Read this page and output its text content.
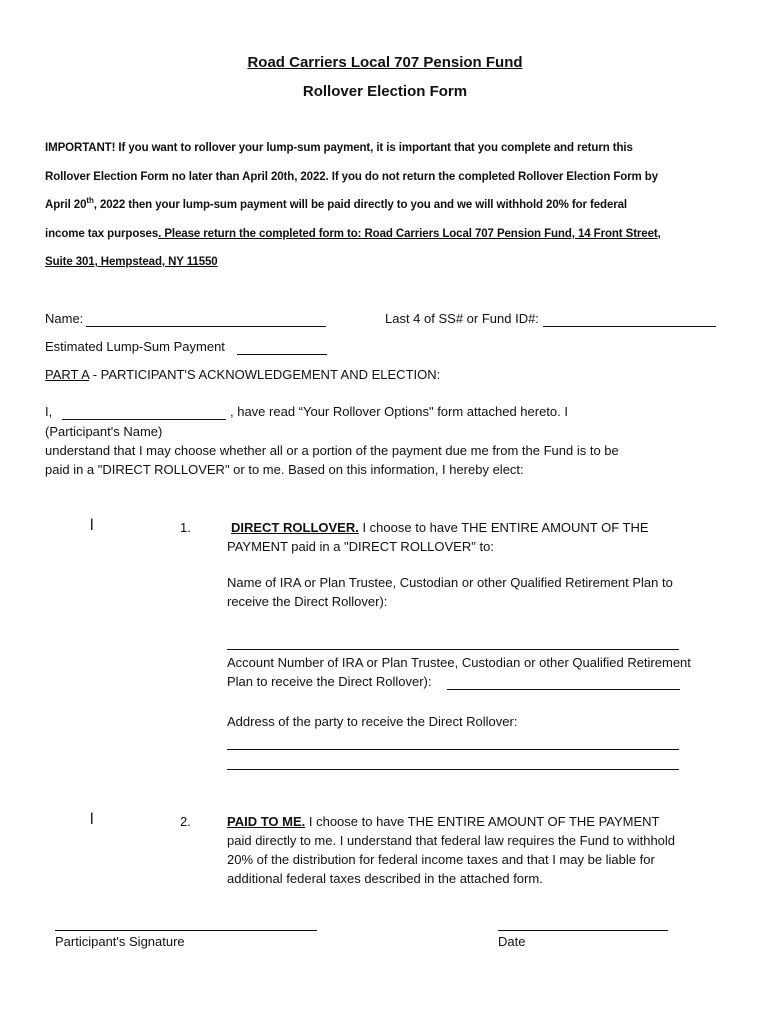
Road Carriers Local 707 Pension Fund
Rollover Election Form
IMPORTANT! If you want to rollover your lump-sum payment, it is important that you complete and return this
Rollover Election Form no later than April 20th, 2022. If you do not return the completed Rollover Election Form by
April 20th, 2022 then your lump-sum payment will be paid directly to you and we will withhold 20% for federal
income tax purposes. Please return the completed form to: Road Carriers Local 707 Pension Fund, 14 Front Street,
Suite 301, Hempstead, NY 11550
Name:	Last 4 of SS# or Fund ID#:
Estimated Lump-Sum Payment
PART A - PARTICIPANT'S ACKNOWLEDGEMENT AND ELECTION:
I,	, have read “Your Rollover Options" form attached hereto. I
(Participant's Name)
understand that I may choose whether all or a portion of the payment due me from the Fund is to be
paid in a "DIRECT ROLLOVER" or to me. Based on this information, I hereby elect:
l	1.	DIRECT ROLLOVER. I choose to have THE ENTIRE AMOUNT OF THE
PAYMENT paid in a "DIRECT ROLLOVER" to:
Name of IRA or Plan Trustee, Custodian or other Qualified Retirement Plan to
receive the Direct Rollover):
Account Number of IRA or Plan Trustee, Custodian or other Qualified Retirement
Plan to receive the Direct Rollover):
Address of the party to receive the Direct Rollover:
l	2.	PAID TO ME. I choose to have THE ENTIRE AMOUNT OF THE PAYMENT
paid directly to me. I understand that federal law requires the Fund to withhold
20% of the distribution for federal income taxes and that I may be liable for
additional federal taxes described in the attached form.
Participant's Signature	Date
